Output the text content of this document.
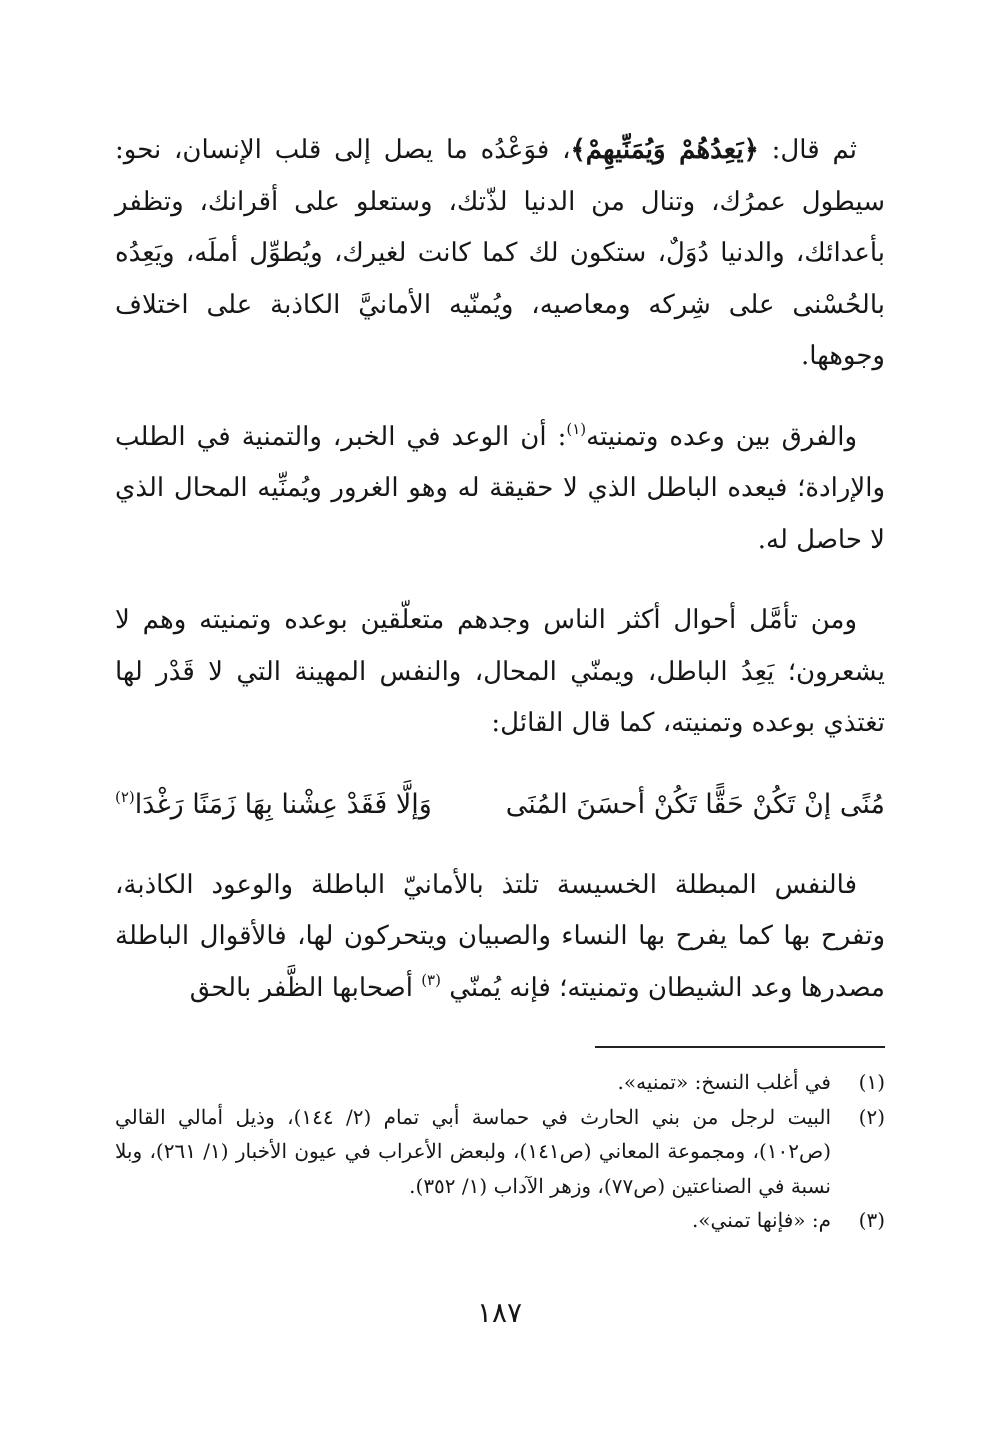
ثم قال: ﴿يَعِدُهُمْ وَيُمَنِّيهِمْ﴾، فوَعْدُه ما يصل إلى قلب الإنسان، نحو: سيطول عمرُك، وتنال من الدنيا لذّتك، وستعلو على أقرانك، وتظفر بأعدائك، والدنيا دُوَلٌ، ستكون لك كما كانت لغيرك، ويُطوِّل أملَه، ويَعِدُه بالحُسْنى على شِركه ومعاصيه، ويُمنّيه الأمانيَّ الكاذبة على اختلاف وجوهها.

والفرق بين وعده وتمنيته$^{(١)}$: أن الوعد في الخبر، والتمنية في الطلب والإرادة؛ فيعده الباطل الذي لا حقيقة له وهو الغرور ويُمنِّيه المحال الذي لا حاصل له.

ومن تأمَّل أحوال أكثر الناس وجدهم متعلّقين بوعده وتمنيته وهم لا يشعرون؛ يَعِدُ الباطل، ويمنّي المحال، والنفس المهينة التي لا قَدْر لها تغتذي بوعده وتمنيته، كما قال القائل:

مُنًى إنْ تَكُنْ حَقًّا تَكُنْ أحسَنَ المُنَى
وَإلَّا فَقَدْ عِشْنا بِهَا زَمَنًا رَغْدَا$^{(٢)}$

فالنفس المبطلة الخسيسة تلتذ بالأمانيّ الباطلة والوعود الكاذبة، وتفرح بها كما يفرح بها النساء والصبيان ويتحركون لها، فالأقوال الباطلة مصدرها وعد الشيطان وتمنيته؛ فإنه يُمنّي $^{(٣)}$ أصحابها الظَّفر بالحق

(١)
في أغلب النسخ: «تمنيه».

(٢)
البيت لرجل من بني الحارث في حماسة أبي تمام (٢/ ١٤٤)، وذيل أمالي القالي (ص١٠٢)، ومجموعة المعاني (ص١٤١)، ولبعض الأعراب في عيون الأخبار (١/ ٢٦١)، وبلا نسبة في الصناعتين (ص٧٧)، وزهر الآداب (١/ ٣٥٢).

(٣)
م: «فإنها تمني».

١٨٧
